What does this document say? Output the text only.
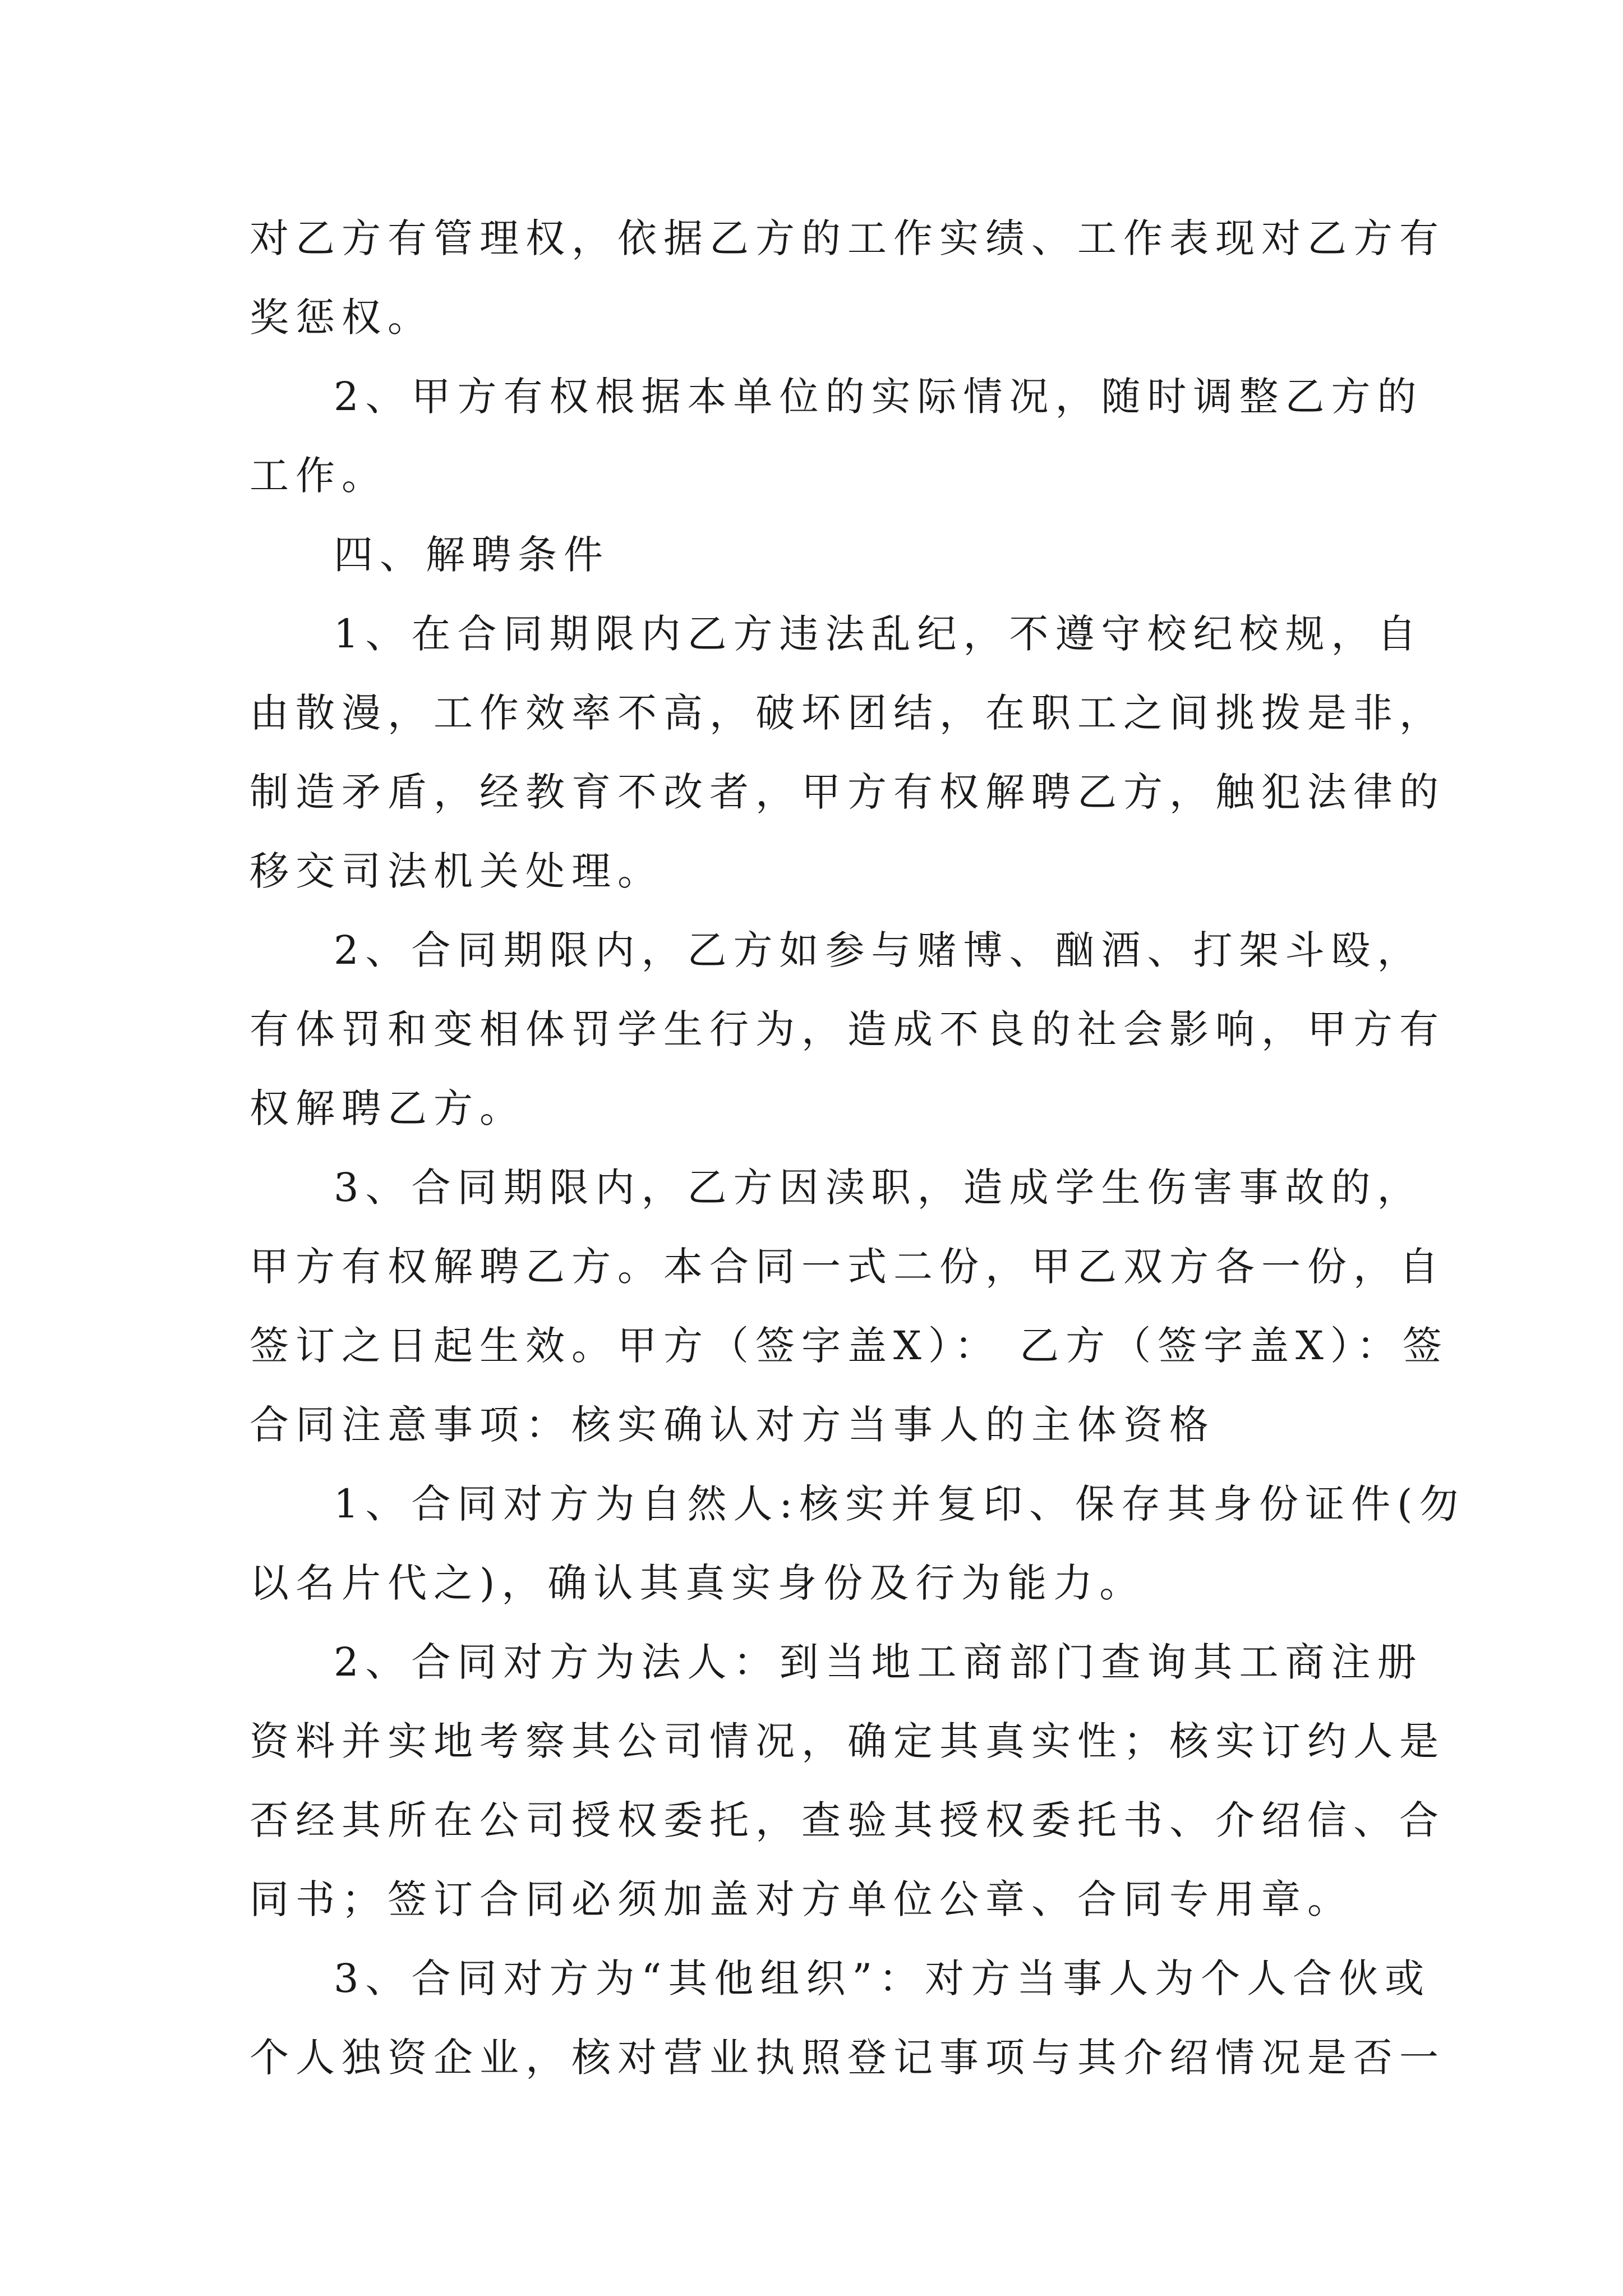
对乙方有管理权，依据乙方的工作实绩、工作表现对乙方有
奖惩权。
2、甲方有权根据本单位的实际情况，随时调整乙方的
工作。
四、解聘条件
1、在合同期限内乙方违法乱纪，不遵守校纪校规，自
由散漫，工作效率不高，破坏团结，在职工之间挑拨是非，
制造矛盾，经教育不改者，甲方有权解聘乙方，触犯法律的
移交司法机关处理。
2、合同期限内，乙方如参与赌博、酗酒、打架斗殴，
有体罚和变相体罚学生行为，造成不良的社会影响，甲方有
权解聘乙方。
3、合同期限内，乙方因渎职，造成学生伤害事故的，
甲方有权解聘乙方。本合同一式二份，甲乙双方各一份，自
签订之日起生效。甲方（签字盖X）： 乙方（签字盖X）：签
合同注意事项：核实确认对方当事人的主体资格
1、合同对方为自然人:核实并复印、保存其身份证件(勿
以名片代之)，确认其真实身份及行为能力。
2、合同对方为法人：到当地工商部门查询其工商注册
资料并实地考察其公司情况，确定其真实性；核实订约人是
否经其所在公司授权委托，查验其授权委托书、介绍信、合
同书；签订合同必须加盖对方单位公章、合同专用章。
3、合同对方为“其他组织”：对方当事人为个人合伙或
个人独资企业，核对营业执照登记事项与其介绍情况是否一
